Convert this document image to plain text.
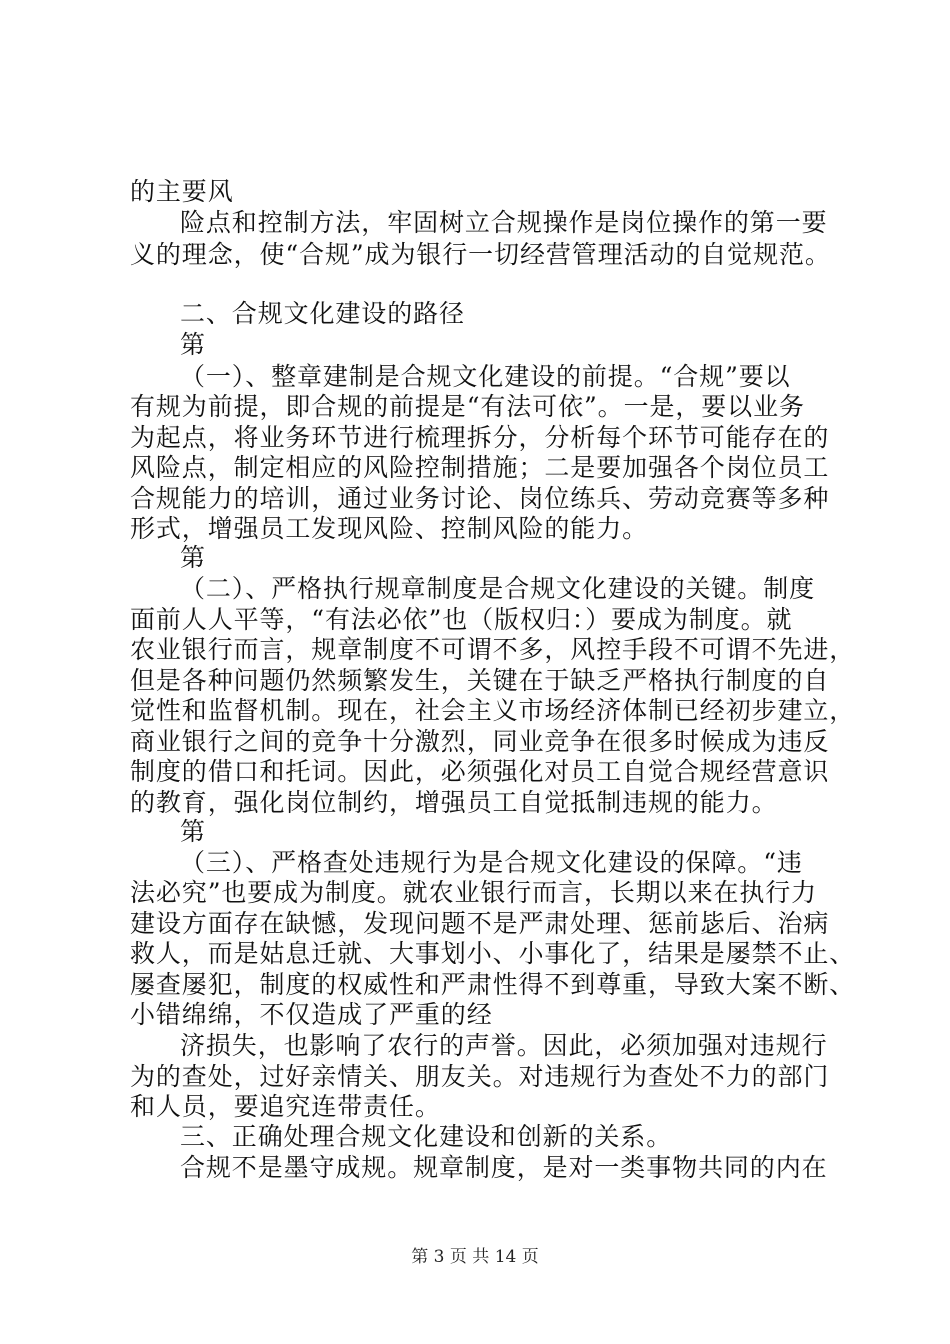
的主要风
险点和控制方法，牢固树立合规操作是岗位操作的第一要
义的理念，使“合规”成为银行一切经营管理活动的自觉规范。
二、合规文化建设的路径
第
（一）、整章建制是合规文化建设的前提。“合规”要以
有规为前提，即合规的前提是“有法可依”。一是，要以业务
为起点，将业务环节进行梳理拆分，分析每个环节可能存在的
风险点，制定相应的风险控制措施；二是要加强各个岗位员工
合规能力的培训，通过业务讨论、岗位练兵、劳动竞赛等多种
形式，增强员工发现风险、控制风险的能力。
第
（二）、严格执行规章制度是合规文化建设的关键。制度
面前人人平等，“有法必依”也（版权归：）要成为制度。就
农业银行而言，规章制度不可谓不多，风控手段不可谓不先进，
但是各种问题仍然频繁发生，关键在于缺乏严格执行制度的自
觉性和监督机制。现在，社会主义市场经济体制已经初步建立，
商业银行之间的竞争十分激烈，同业竞争在很多时候成为违反
制度的借口和托词。因此，必须强化对员工自觉合规经营意识
的教育，强化岗位制约，增强员工自觉抵制违规的能力。
第
（三）、严格查处违规行为是合规文化建设的保障。“违
法必究”也要成为制度。就农业银行而言，长期以来在执行力
建设方面存在缺憾，发现问题不是严肃处理、惩前毖后、治病
救人，而是姑息迁就、大事划小、小事化了，结果是屡禁不止、
屡查屡犯，制度的权威性和严肃性得不到尊重，导致大案不断、
小错绵绵，不仅造成了严重的经
济损失，也影响了农行的声誉。因此，必须加强对违规行
为的查处，过好亲情关、朋友关。对违规行为查处不力的部门
和人员，要追究连带责任。
三、正确处理合规文化建设和创新的关系。
合规不是墨守成规。规章制度，是对一类事物共同的内在
第 3 页 共 14 页
